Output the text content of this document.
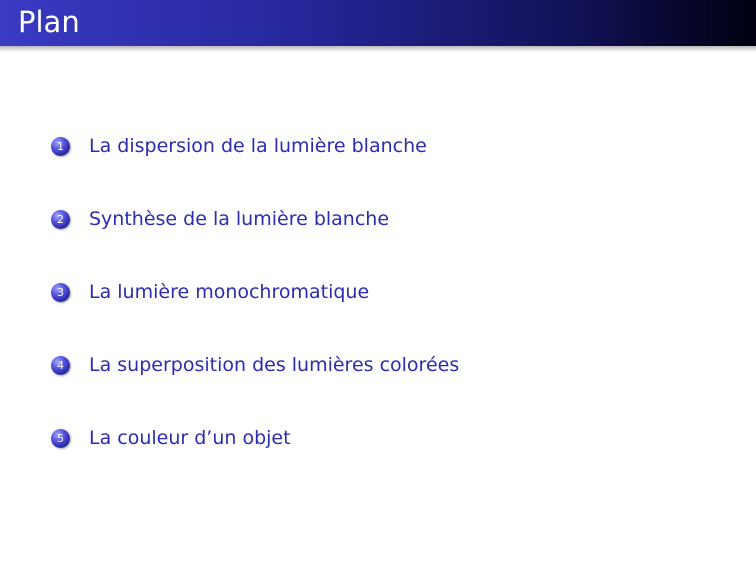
Plan
1	La dispersion de la lumière blanche
2	Synthèse de la lumière blanche
3	La lumière monochromatique
4	La superposition des lumières colorées
5	La couleur d’un objet
